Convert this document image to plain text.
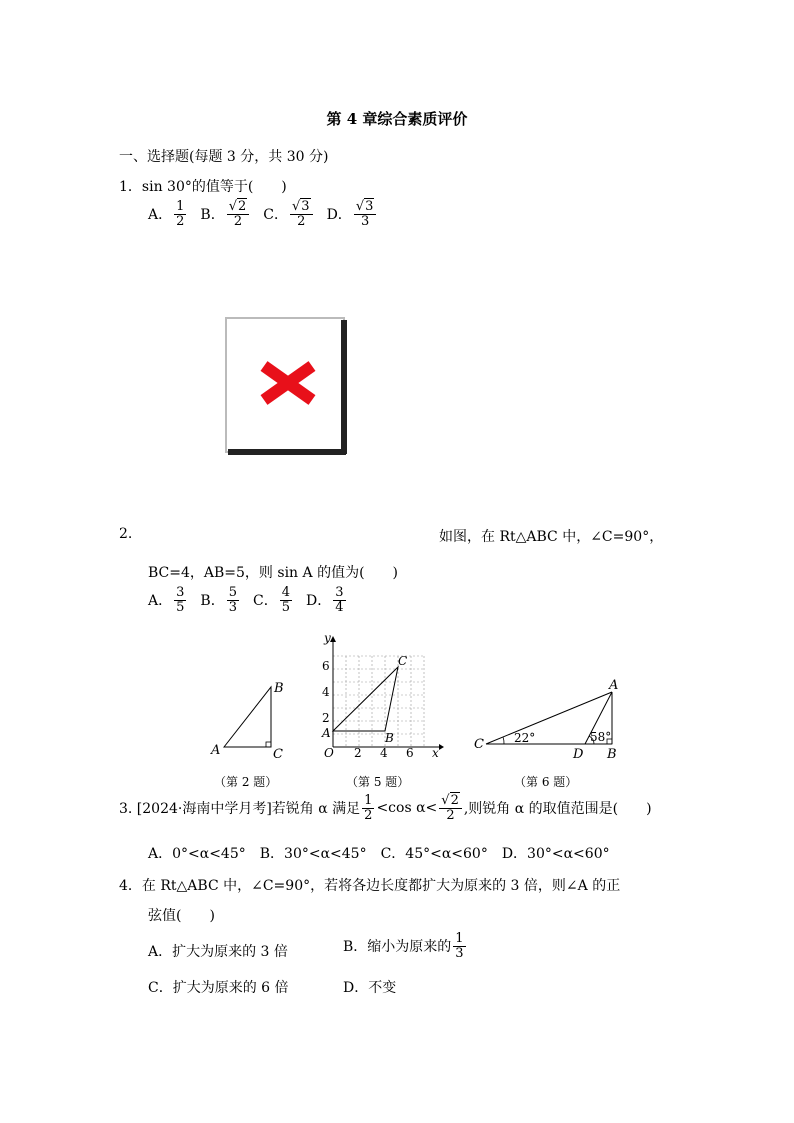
第 4 章综合素质评价
一、选择题(每题 3 分，共 30 分)
1．sin 30°的值等于(　　)
A． $\frac{1}{2}$ B． $\frac{√2}{2}$ C． $\frac{√3}{2}$ D． $\frac{√3}{3}$
2.	如图，在 Rt△ABC 中，∠C=90°，
BC=4，AB=5，则 sin A 的值为(　　)
A． $\frac{3}{5}$ B． $\frac{5}{3}$ C． $\frac{4}{5}$ D． $\frac{3}{4}$
A
B
C
（第 2 题）
O 2 4 6 x
2
4
6
y
A	B
C
（第 5 题）
C	22°
D
58°
B
A
（第 6 题）
3. [2024·海南中学月考]若锐角 α 满足 $\frac{1}{2} <\cos$ $\alpha< \frac{√2}{2}$ ,则锐角 α 的取值范围是(　　)
A．0°<α<45°　B．30°<α<45°　C．45°<α<60°　D．30°<α<60°
4．在 Rt△ABC 中，∠C=90°，若将各边长度都扩大为原来的 3 倍，则∠A 的正
弦值(　　)
A．扩大为原来的 3 倍	B．缩小为原来的 $\frac{1}{3}$
C．扩大为原来的 6 倍	D．不变
